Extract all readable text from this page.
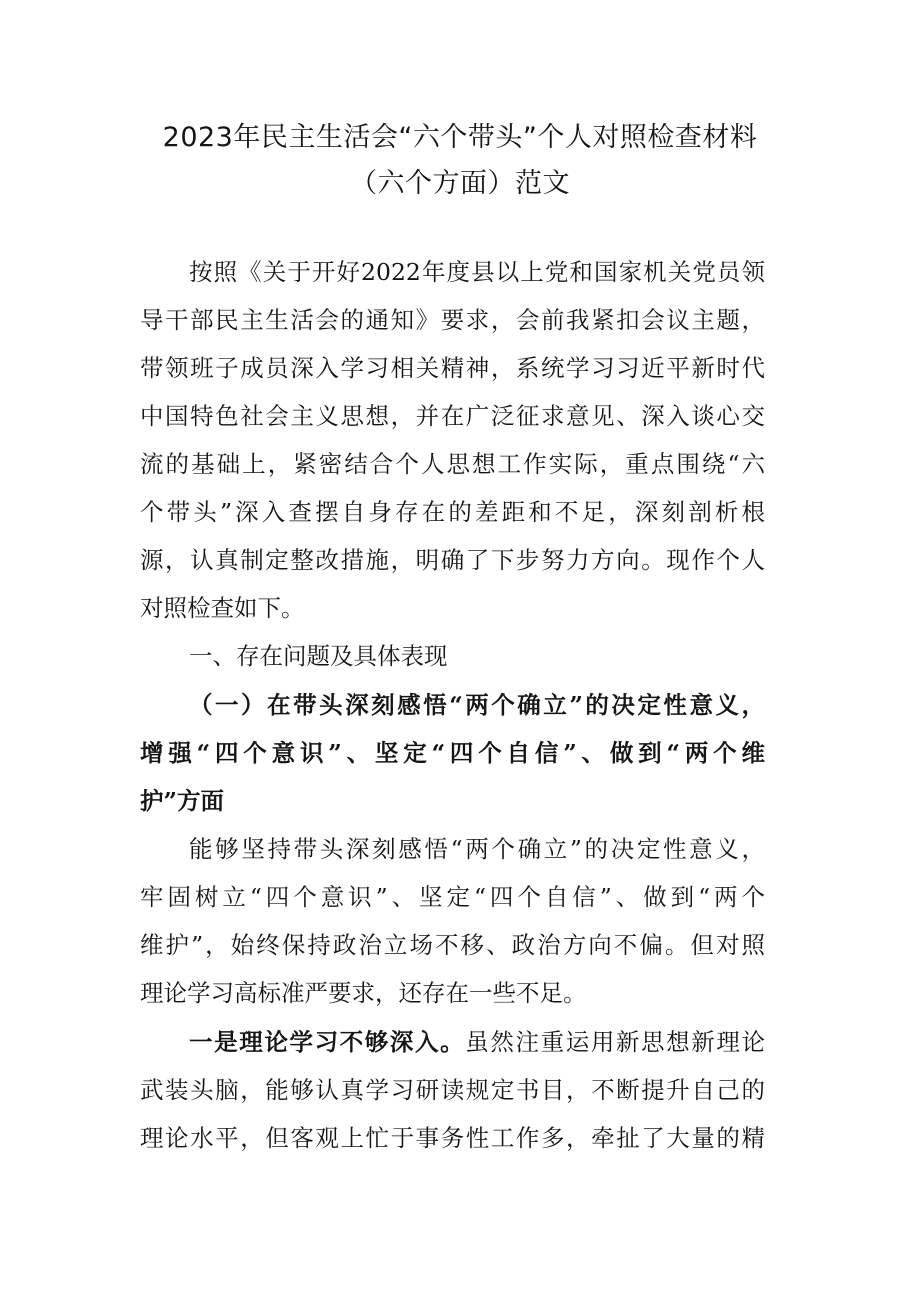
2023年民主生活会“六个带头”个人对照检查材料
（六个方面）范文
按照《关于开好2022年度县以上党和国家机关党员领
导干部民主生活会的通知》要求，会前我紧扣会议主题，
带领班子成员深入学习相关精神，系统学习习近平新时代
中国特色社会主义思想，并在广泛征求意见、深入谈心交
流的基础上，紧密结合个人思想工作实际，重点围绕“六
个带头”深入查摆自身存在的差距和不足，深刻剖析根
源，认真制定整改措施，明确了下步努力方向。现作个人
对照检查如下。
一、存在问题及具体表现
（一）在带头深刻感悟“两个确立”的决定性意义，
增强“四个意识”、坚定“四个自信”、做到“两个维
护”方面
能够坚持带头深刻感悟“两个确立”的决定性意义，
牢固树立“四个意识”、坚定“四个自信”、做到“两个
维护”，始终保持政治立场不移、政治方向不偏。但对照
理论学习高标准严要求，还存在一些不足。
一是理论学习不够深入。虽然注重运用新思想新理论
武装头脑，能够认真学习研读规定书目，不断提升自己的
理论水平，但客观上忙于事务性工作多，牵扯了大量的精
